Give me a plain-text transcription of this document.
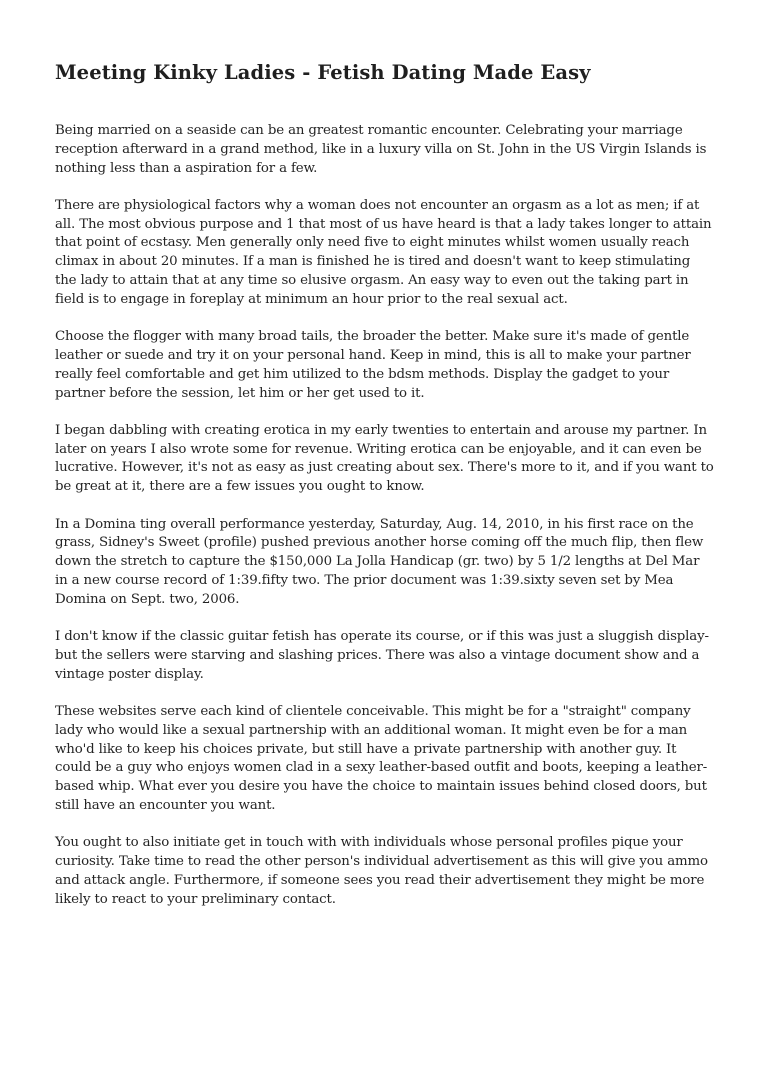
Meeting Kinky Ladies - Fetish Dating Made Easy

Being married on a seaside can be an greatest romantic encounter. Celebrating your marriage reception afterward in a grand method, like in a luxury villa on St. John in the US Virgin Islands is nothing less than a aspiration for a few.

There are physiological factors why a woman does not encounter an orgasm as a lot as men; if at all. The most obvious purpose and 1 that most of us have heard is that a lady takes longer to attain that point of ecstasy. Men generally only need five to eight minutes whilst women usually reach climax in about 20 minutes. If a man is finished he is tired and doesn't want to keep stimulating the lady to attain that at any time so elusive orgasm. An easy way to even out the taking part in field is to engage in foreplay at minimum an hour prior to the real sexual act.

Choose the flogger with many broad tails, the broader the better. Make sure it's made of gentle leather or suede and try it on your personal hand. Keep in mind, this is all to make your partner really feel comfortable and get him utilized to the bdsm methods. Display the gadget to your partner before the session, let him or her get used to it.

I began dabbling with creating erotica in my early twenties to entertain and arouse my partner. In later on years I also wrote some for revenue. Writing erotica can be enjoyable, and it can even be lucrative. However, it's not as easy as just creating about sex. There's more to it, and if you want to be great at it, there are a few issues you ought to know.

In a Domina ting overall performance yesterday, Saturday, Aug. 14, 2010, in his first race on the grass, Sidney's Sweet (profile) pushed previous another horse coming off the much flip, then flew down the stretch to capture the $150,000 La Jolla Handicap (gr. two) by 5 1/2 lengths at Del Mar in a new course record of 1:39.fifty two. The prior document was 1:39.sixty seven set by Mea Domina on Sept. two, 2006.

I don't know if the classic guitar fetish has operate its course, or if this was just a sluggish display- but the sellers were starving and slashing prices. There was also a vintage document show and a vintage poster display.

These websites serve each kind of clientele conceivable. This might be for a "straight" company lady who would like a sexual partnership with an additional woman. It might even be for a man who'd like to keep his choices private, but still have a private partnership with another guy. It could be a guy who enjoys women clad in a sexy leather-based outfit and boots, keeping a leather-based whip. What ever you desire you have the choice to maintain issues behind closed doors, but still have an encounter you want.

You ought to also initiate get in touch with with individuals whose personal profiles pique your curiosity. Take time to read the other person's individual advertisement as this will give you ammo and attack angle. Furthermore, if someone sees you read their advertisement they might be more likely to react to your preliminary contact.
